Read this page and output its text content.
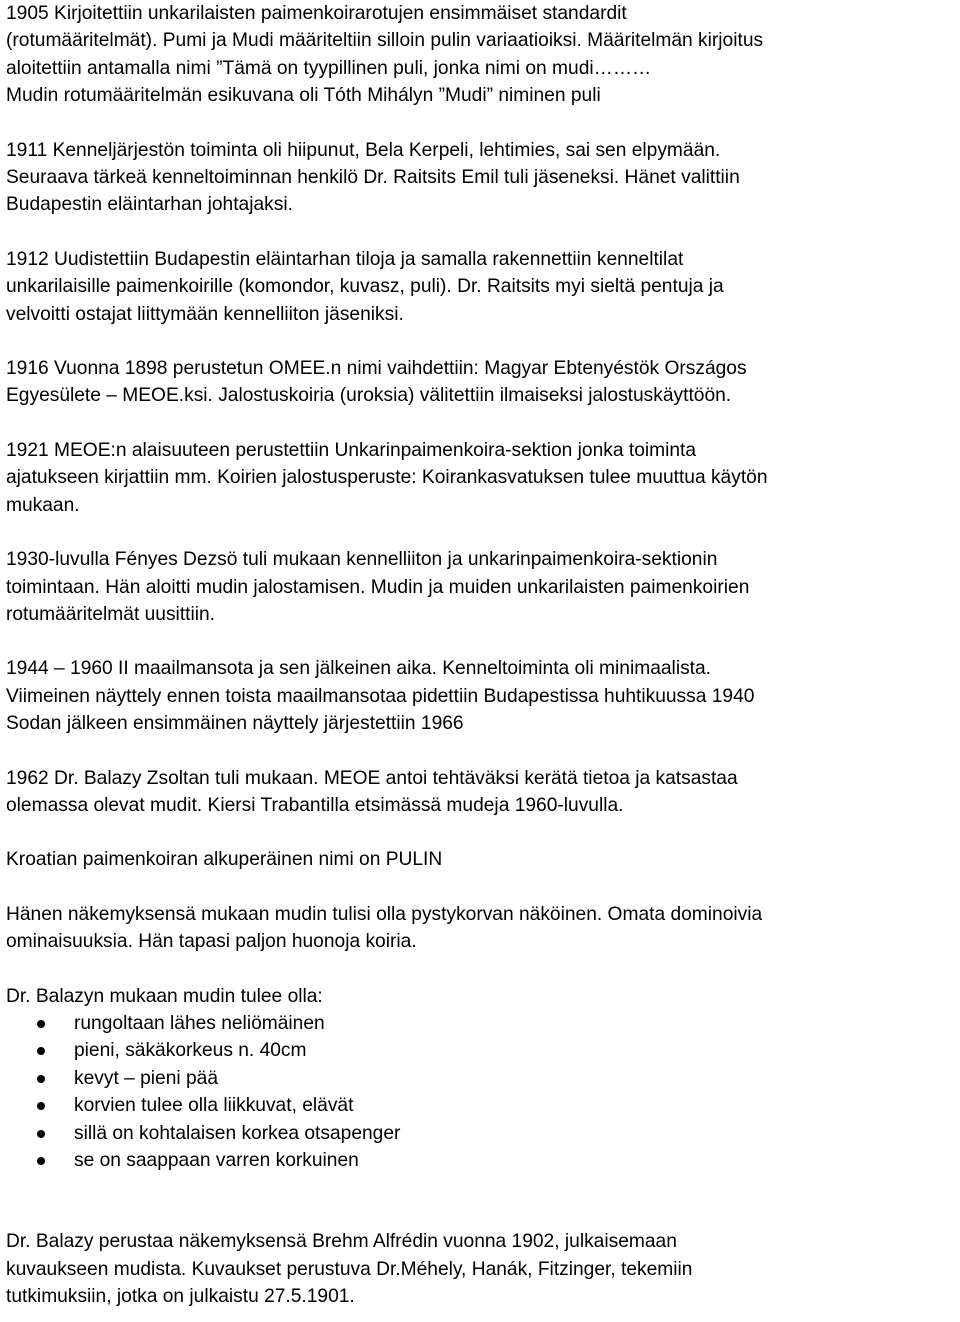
1905 Kirjoitettiin unkarilaisten paimenkoirarotujen ensimmäiset standardit
(rotumääritelmät). Pumi ja Mudi määriteltiin silloin pulin variaatioiksi. Määritelmän kirjoitus
aloitettiin antamalla nimi ”Tämä on tyypillinen puli, jonka nimi on mudi………
Mudin rotumääritelmän esikuvana oli Tóth Mihályn ”Mudi” niminen puli
1911 Kenneljärjestön toiminta oli hiipunut, Bela Kerpeli, lehtimies, sai sen elpymään.
Seuraava tärkeä kenneltoiminnan henkilö Dr. Raitsits Emil tuli jäseneksi. Hänet valittiin
Budapestin eläintarhan johtajaksi.
1912 Uudistettiin Budapestin eläintarhan tiloja ja samalla rakennettiin kenneltilat
unkarilaisille paimenkoirille (komondor, kuvasz, puli). Dr. Raitsits myi sieltä pentuja ja
velvoitti ostajat liittymään kennelliiton jäseniksi.
1916 Vuonna 1898 perustetun OMEE.n nimi vaihdettiin: Magyar Ebtenyéstök Országos
Egyesülete – MEOE.ksi. Jalostuskoiria (uroksia) välitettiin ilmaiseksi jalostuskäyttöön.
1921 MEOE:n alaisuuteen perustettiin Unkarinpaimenkoira-sektion jonka toiminta
ajatukseen kirjattiin mm. Koirien jalostusperuste: Koirankasvatuksen tulee muuttua käytön
mukaan.
1930-luvulla Fényes Dezsö tuli mukaan kennelliiton ja unkarinpaimenkoira-sektionin
toimintaan. Hän aloitti mudin jalostamisen. Mudin ja muiden unkarilaisten paimenkoirien
rotumääritelmät uusittiin.
1944 – 1960 II maailmansota ja sen jälkeinen aika. Kenneltoiminta oli minimaalista.
Viimeinen näyttely ennen toista maailmansotaa pidettiin Budapestissa huhtikuussa 1940
Sodan jälkeen ensimmäinen näyttely järjestettiin 1966
1962 Dr. Balazy Zsoltan tuli mukaan. MEOE antoi tehtäväksi kerätä tietoa ja katsastaa
olemassa olevat mudit. Kiersi Trabantilla etsimässä mudeja 1960-luvulla.
Kroatian paimenkoiran alkuperäinen nimi on PULIN
Hänen näkemyksensä mukaan mudin tulisi olla pystykorvan näköinen. Omata dominoivia
ominaisuuksia. Hän tapasi paljon huonoja koiria.
Dr. Balazyn mukaan mudin tulee olla:
rungoltaan lähes neliömäinen
pieni, säkäkorkeus n. 40cm
kevyt – pieni pää
korvien tulee olla liikkuvat, elävät
sillä on kohtalaisen korkea otsapenger
se on saappaan varren korkuinen
Dr. Balazy perustaa näkemyksensä Brehm Alfrédin vuonna 1902, julkaisemaan
kuvaukseen mudista. Kuvaukset perustuva Dr.Méhely, Hanák, Fitzinger, tekemiin
tutkimuksiin, jotka on julkaistu 27.5.1901.
